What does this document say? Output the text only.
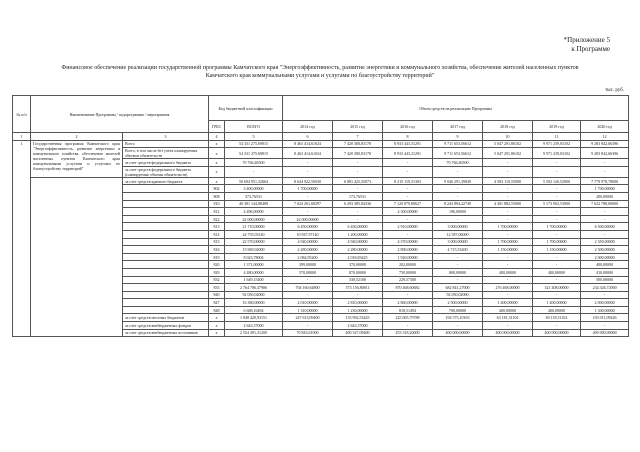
*Приложение 5
к Программе
Финансовое обеспечение реализации государственной программы Камчатского края "Энергоэффективность, развитие энергетики и коммунального хозяйства, обеспечение жителей населенных пунктов
Камчатского края коммунальными услугами и услугами по благоустройству территорий"
тыс. руб.
№ п/п	Наименование Программы / подпрограммы / мероприятия		Код бюджетной классификации		Объем средств на реализацию Программы						
			ГРБС	ВСЕГО	2014 год	2015 год	2016 год	2017 год	2018 год	2019 год	2020 год
1	2	3	4	5	6	7	8	9	10	11	12
1	Государственная программа Камчатского края "Энергоэффективность, развитие энергетики и коммунального хозяйства, обеспечение жителей населенных пунктов Камчатского края коммунальными услугами и услугами по благоустройству территорий"	Всего	x	54 331 275,69815	8 463 414,61024	7 420 380,83178	8 933 443,31291	9 711 653,56612	5 047 291,86102	9 971 239,03102	9 283 842,66396
		Всего, в том числе без учета планируемых объемов обязательств	x	54 331 275,69815	8 463 414,61024	7 420 380,83178	8 933 443,31291	9 711 653,56612	5 047 291,86102	9 971 239,03102	9 283 842,66396
		за счет средств федерального бюджета	x	70 766,46500	-	-	-	70 766,46500	-	-	-
		за счет средств федерального бюджета (планируемые объемы обязательств)	x	-	-	-	-	-	-	-	-
		за счет средств краевого бюджета	x	50 694 951,32064	8 644 922,56930	6 881 425,35073	8 215 119,31303	9 046 291,39849	4 583 110,55000	5 502 126,52000	7 779 978,78000
			804	3 400,00000	1 700,00000	-	-	-	-	-	1 700,00000
			808	373,76531	-	173,76531	-	-	-	-	200,00000
			810	40 381 144,88489	7 024 261,68297	6 293 385,84336	7 120 879,80627	8 243 894,42749	4 301 882,55000	5 173 902,53000	7 622 788,00000
			812	4 496,00000	-	-	4 300,00000	196,00000	-	-	-
			822	42 000,00000	42 000,00000	-	-	-	-	-	-
			813	21 710,00000	6 450,00000	6 450,00000	2 910,00000	3 000,00000	1 700,00000	1 700,00000	6 500,00000
			814	24 755,03140	10 947,97140	1 200,00000	-	12 587,06000	-	-	-
			815	22 570,00000	4 940,00000	4 940,00000	4 370,00000	3 000,00000	1 700,00000	1 700,00000	2 350,00000
			816	15 969,02000	2 280,00000	2 280,00000	2 890,00000	4 715,53200	1 150,00000	1 150,00000	2 300,00000
			819	8 023,78004	2 084,95200	2 018,83425	1 920,00000	-	-	-	2 000,00000
			820	1 371,00000	399,00000	370,00000	202,00000	-	-	-	400,00000
			829	4 480,00000	570,00000	870,00000	750,00000	800,00000	400,00000	400,00000	410,00000
			832	1 649,15400	-	330,52100	229,57300	-	-	-	500,00000
			833	2 764 786,47986	704 160,64800	573 156,80811	870 468,60682	682 841,27000	276 468,00000	321 408,00000	234 326,72000
			840	92 050,02000	-	-	-	92 050,02000	-	-	-
			847	16 380,00000	2 010,00000	2 810,00000	2 860,00000	2 500,00000	1 400,00000	1 400,00000	2 000,00000
			848	6 668,16494	1 310,00000	1 230,00000	818,51494	700,00000	400,00000	400,00000	1 300,00000
		за счет средств местных бюджетов	x	1 048 420,93151	247 613,09400	135 992,53425	225 605,79788	194 575,10163	63 181,31102	69 118,51102	103 011,09426
		за счет средств внебюджетных фондов	x	2 643,37000	-	2 643,37000	-	-	-	-	-
		за счет средств внебюджетных источников	x	2 554 491,31200	70 843,61000	400 327,09400	453 318,20000	400 000,00000	400 000,00000	400 000,00000	400 000,00000
